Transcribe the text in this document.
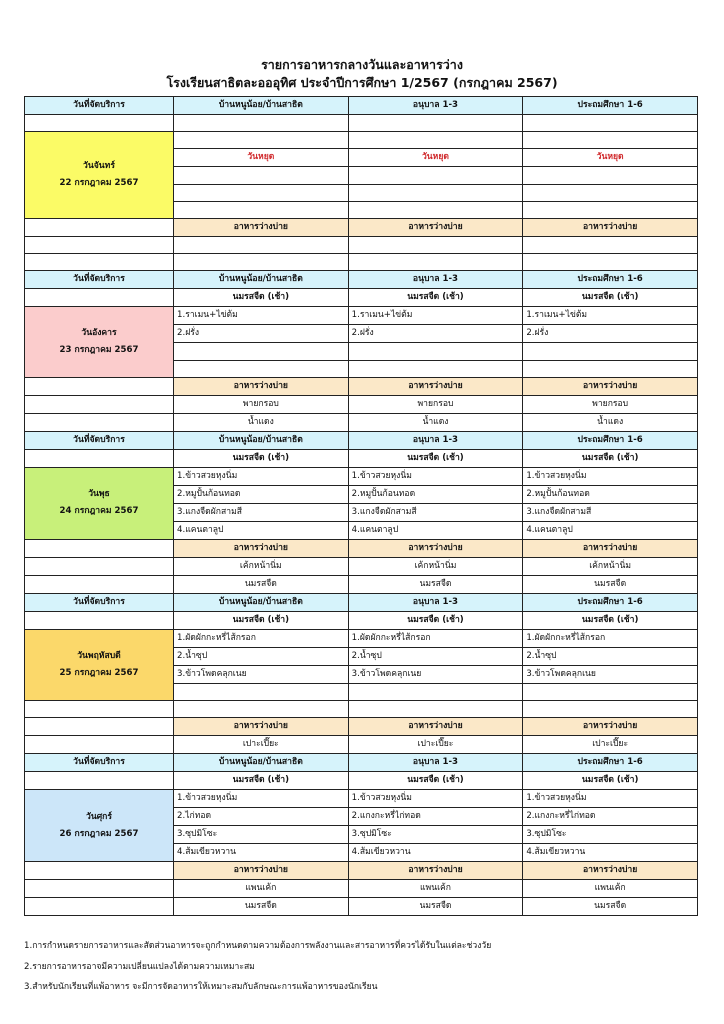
รายการอาหารกลางวันและอาหารว่าง
โรงเรียนสาธิตละอออุทิศ ประจำปีการศึกษา 1/2567 (กรกฎาคม 2567)
วันที่จัดบริการ	บ้านหนูน้อย/บ้านสาธิต	อนุบาล 1-3	ประถมศึกษา 1-6

วันจันทร์
22 กรกฎาคม 2567			

	วันหยุด	วันหยุด	วันหยุด

	อาหารว่างบ่าย	อาหารว่างบ่าย	อาหารว่างบ่าย

วันที่จัดบริการ	บ้านหนูน้อย/บ้านสาธิต	อนุบาล 1-3	ประถมศึกษา 1-6
	นมรสจืด (เช้า)	นมรสจืด (เช้า)	นมรสจืด (เช้า)

วันอังคาร
23 กรกฎาคม 2567	1.ราเมน+ไข่ต้ม	1.ราเมน+ไข่ต้ม	1.ราเมน+ไข่ต้ม
	2.ฝรั่ง	2.ฝรั่ง	2.ฝรั่ง

	อาหารว่างบ่าย	อาหารว่างบ่าย	อาหารว่างบ่าย
	พายกรอบ	พายกรอบ	พายกรอบ
	น้ำแดง	น้ำแดง	น้ำแดง
วันที่จัดบริการ	บ้านหนูน้อย/บ้านสาธิต	อนุบาล 1-3	ประถมศึกษา 1-6
	นมรสจืด (เช้า)	นมรสจืด (เช้า)	นมรสจืด (เช้า)

วันพุธ
24 กรกฎาคม 2567	1.ข้าวสวยหุงนิ่ม	1.ข้าวสวยหุงนิ่ม	1.ข้าวสวยหุงนิ่ม
	2.หมูปั้นก้อนทอด	2.หมูปั้นก้อนทอด	2.หมูปั้นก้อนทอด
	3.แกงจืดผักสามสี	3.แกงจืดผักสามสี	3.แกงจืดผักสามสี
	4.แคนตาลูป	4.แคนตาลูป	4.แคนตาลูป
	อาหารว่างบ่าย	อาหารว่างบ่าย	อาหารว่างบ่าย
	เค้กหน้านิ่ม	เค้กหน้านิ่ม	เค้กหน้านิ่ม
	นมรสจืด	นมรสจืด	นมรสจืด
วันที่จัดบริการ	บ้านหนูน้อย/บ้านสาธิต	อนุบาล 1-3	ประถมศึกษา 1-6
	นมรสจืด (เช้า)	นมรสจืด (เช้า)	นมรสจืด (เช้า)

วันพฤหัสบดี
25 กรกฎาคม 2567	1.ผัดผักกะหรี่ไส้กรอก	1.ผัดผักกะหรี่ไส้กรอก	1.ผัดผักกะหรี่ไส้กรอก
	2.น้ำซุป	2.น้ำซุป	2.น้ำซุป
	3.ข้าวโพดคลุกเนย	3.ข้าวโพดคลุกเนย	3.ข้าวโพดคลุกเนย

	อาหารว่างบ่าย	อาหารว่างบ่าย	อาหารว่างบ่าย
	เปาะเปี๊ยะ	เปาะเปี๊ยะ	เปาะเปี๊ยะ
วันที่จัดบริการ	บ้านหนูน้อย/บ้านสาธิต	อนุบาล 1-3	ประถมศึกษา 1-6
	นมรสจืด (เช้า)	นมรสจืด (เช้า)	นมรสจืด (เช้า)

วันศุกร์
26 กรกฎาคม 2567	1.ข้าวสวยหุงนิ่ม	1.ข้าวสวยหุงนิ่ม	1.ข้าวสวยหุงนิ่ม
	2.ไก่ทอด	2.แกงกะหรี่ไก่ทอด	2.แกงกะหรี่ไก่ทอด
	3.ซุปมิโซะ	3.ซุปมิโซะ	3.ซุปมิโซะ
	4.ส้มเขียวหวาน	4.ส้มเขียวหวาน	4.ส้มเขียวหวาน
	อาหารว่างบ่าย	อาหารว่างบ่าย	อาหารว่างบ่าย
	แพนเค้ก	แพนเค้ก	แพนเค้ก
	นมรสจืด	นมรสจืด	นมรสจืด
1.การกำหนดรายการอาหารและสัดส่วนอาหารจะถูกกำหนดตามความต้องการพลังงานและสารอาหารที่ควรได้รับในแต่ละช่วงวัย
2.รายการอาหารอาจมีความเปลี่ยนแปลงได้ตามความเหมาะสม
3.สำหรับนักเรียนที่แพ้อาหาร จะมีการจัดอาหารให้เหมาะสมกับลักษณะการแพ้อาหารของนักเรียน
